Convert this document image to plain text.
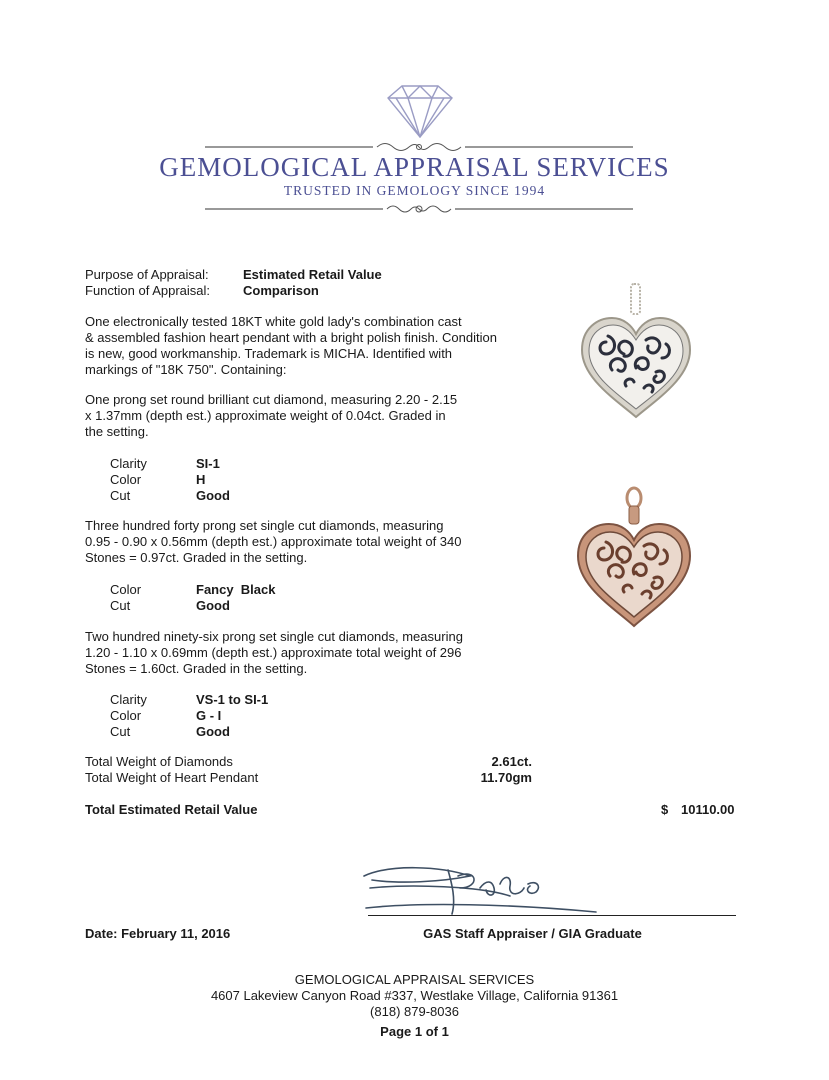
GEMOLOGICAL APPRAISAL SERVICES
TRUSTED IN GEMOLOGY SINCE 1994
Purpose of Appraisal:	Estimated Retail Value
Function of Appraisal:	Comparison
One electronically tested 18KT white gold lady's combination cast
& assembled fashion heart pendant with a bright polish finish. Condition
is new, good workmanship. Trademark is MICHA. Identified with
markings of "18K 750". Containing:
One prong set round brilliant cut diamond, measuring 2.20 - 2.15
x 1.37mm (depth est.) approximate weight of 0.04ct. Graded in
the setting.
Clarity	SI-1
Color	H
Cut	Good
Three hundred forty prong set single cut diamonds, measuring
0.95 - 0.90 x 0.56mm (depth est.) approximate total weight of 340
Stones = 0.97ct. Graded in the setting.
Color	Fancy  Black
Cut	Good
Two hundred ninety-six prong set single cut diamonds, measuring
1.20 - 1.10 x 0.69mm (depth est.) approximate total weight of 296
Stones = 1.60ct. Graded in the setting.
Clarity	VS-1 to SI-1
Color	G - I
Cut	Good
Total Weight of Diamonds	2.61ct.
Total Weight of Heart Pendant	11.70gm
Total Estimated Retail Value	$ 10110.00
Date: February 11, 2016	GAS Staff Appraiser / GIA Graduate
GEMOLOGICAL APPRAISAL SERVICES
4607 Lakeview Canyon Road #337, Westlake Village, California 91361
(818) 879-8036
Page 1 of 1
